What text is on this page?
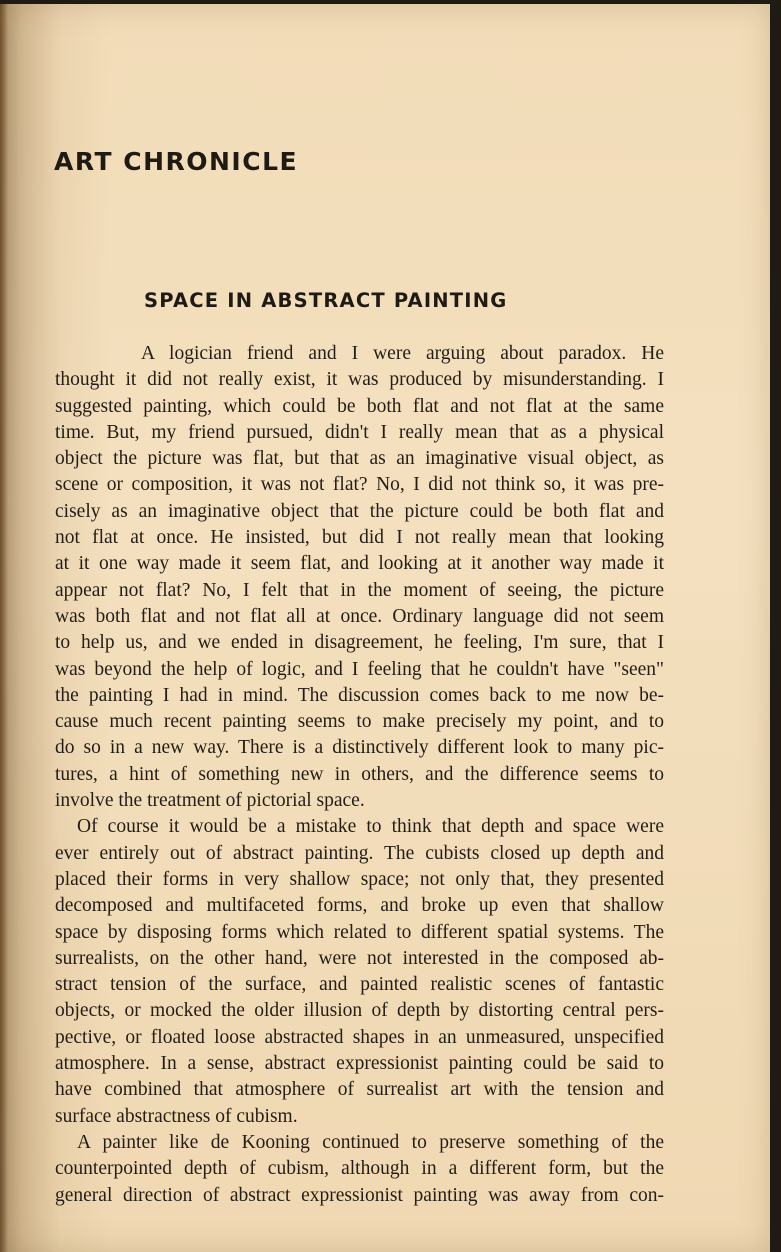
ART CHRONICLE
SPACE IN ABSTRACT PAINTING
A logician friend and I were arguing about paradox. He
thought it did not really exist, it was produced by misunderstanding. I
suggested painting, which could be both flat and not flat at the same
time. But, my friend pursued, didn't I really mean that as a physical
object the picture was flat, but that as an imaginative visual object, as
scene or composition, it was not flat? No, I did not think so, it was pre-
cisely as an imaginative object that the picture could be both flat and
not flat at once. He insisted, but did I not really mean that looking
at it one way made it seem flat, and looking at it another way made it
appear not flat? No, I felt that in the moment of seeing, the picture
was both flat and not flat all at once. Ordinary language did not seem
to help us, and we ended in disagreement, he feeling, I'm sure, that I
was beyond the help of logic, and I feeling that he couldn't have "seen"
the painting I had in mind. The discussion comes back to me now be-
cause much recent painting seems to make precisely my point, and to
do so in a new way. There is a distinctively different look to many pic-
tures, a hint of something new in others, and the difference seems to
involve the treatment of pictorial space.
Of course it would be a mistake to think that depth and space were
ever entirely out of abstract painting. The cubists closed up depth and
placed their forms in very shallow space; not only that, they presented
decomposed and multifaceted forms, and broke up even that shallow
space by disposing forms which related to different spatial systems. The
surrealists, on the other hand, were not interested in the composed ab-
stract tension of the surface, and painted realistic scenes of fantastic
objects, or mocked the older illusion of depth by distorting central pers-
pective, or floated loose abstracted shapes in an unmeasured, unspecified
atmosphere. In a sense, abstract expressionist painting could be said to
have combined that atmosphere of surrealist art with the tension and
surface abstractness of cubism.
A painter like de Kooning continued to preserve something of the
counterpointed depth of cubism, although in a different form, but the
general direction of abstract expressionist painting was away from con-
